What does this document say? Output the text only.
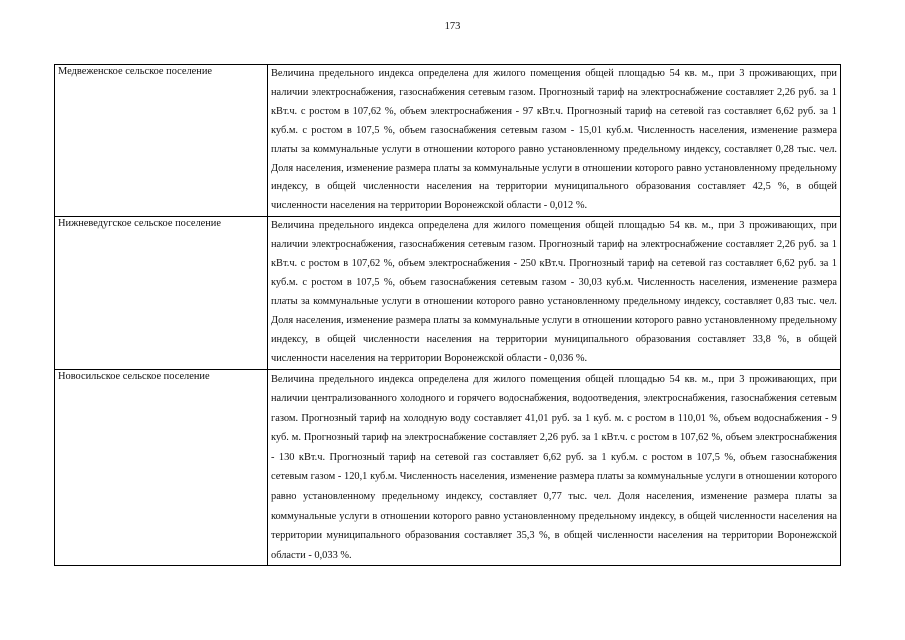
173
Медвеженское сельское поселение	Величина предельного индекса определена для жилого помещения общей площадью 54 кв. м., при 3 проживающих, при наличии электроснабжения, газоснабжения сетевым газом. Прогнозный тариф на электроснабжение составляет 2,26 руб. за 1 кВт.ч. с ростом в 107,62 %, объем электроснабжения - 97 кВт.ч. Прогнозный тариф на сетевой газ составляет 6,62 руб. за 1 куб.м. с ростом в 107,5 %, объем газоснабжения сетевым газом - 15,01 куб.м. Численность населения, изменение размера платы за коммунальные услуги в отношении которого равно установленному предельному индексу, составляет 0,28 тыс. чел. Доля населения, изменение размера платы за коммунальные услуги в отношении которого равно установленному предельному индексу, в общей численности населения на территории муниципального образования составляет 42,5 %, в общей численности населения на территории Воронежской области - 0,012 %.

Нижневедугское сельское поселение	Величина предельного индекса определена для жилого помещения общей площадью 54 кв. м., при 3 проживающих, при наличии электроснабжения, газоснабжения сетевым газом. Прогнозный тариф на электроснабжение составляет 2,26 руб. за 1 кВт.ч. с ростом в 107,62 %, объем электроснабжения - 250 кВт.ч. Прогнозный тариф на сетевой газ составляет 6,62 руб. за 1 куб.м. с ростом в 107,5 %, объем газоснабжения сетевым газом - 30,03 куб.м. Численность населения, изменение размера платы за коммунальные услуги в отношении которого равно установленному предельному индексу, составляет 0,83 тыс. чел. Доля населения, изменение размера платы за коммунальные услуги в отношении которого равно установленному предельному индексу, в общей численности населения на территории муниципального образования составляет 33,8 %, в общей численности населения на территории Воронежской области - 0,036 %.

Новосильское сельское поселение	Величина предельного индекса определена для жилого помещения общей площадью 54 кв. м., при 3 проживающих, при наличии централизованного холодного и горячего водоснабжения, водоотведения, электроснабжения, газоснабжения сетевым газом. Прогнозный тариф на холодную воду составляет 41,01 руб. за 1 куб. м. с ростом в 110,01 %, объем водоснабжения - 9 куб. м. Прогнозный тариф на электроснабжение составляет 2,26 руб. за 1 кВт.ч. с ростом в 107,62 %, объем электроснабжения - 130 кВт.ч. Прогнозный тариф на сетевой газ составляет 6,62 руб. за 1 куб.м. с ростом в 107,5 %, объем газоснабжения сетевым газом - 120,1 куб.м. Численность населения, изменение размера платы за коммунальные услуги в отношении которого равно установленному предельному индексу, составляет 0,77 тыс. чел. Доля населения, изменение размера платы за коммунальные услуги в отношении которого равно установленному предельному индексу, в общей численности населения на территории муниципального образования составляет 35,3 %, в общей численности населения на территории Воронежской области - 0,033 %.
